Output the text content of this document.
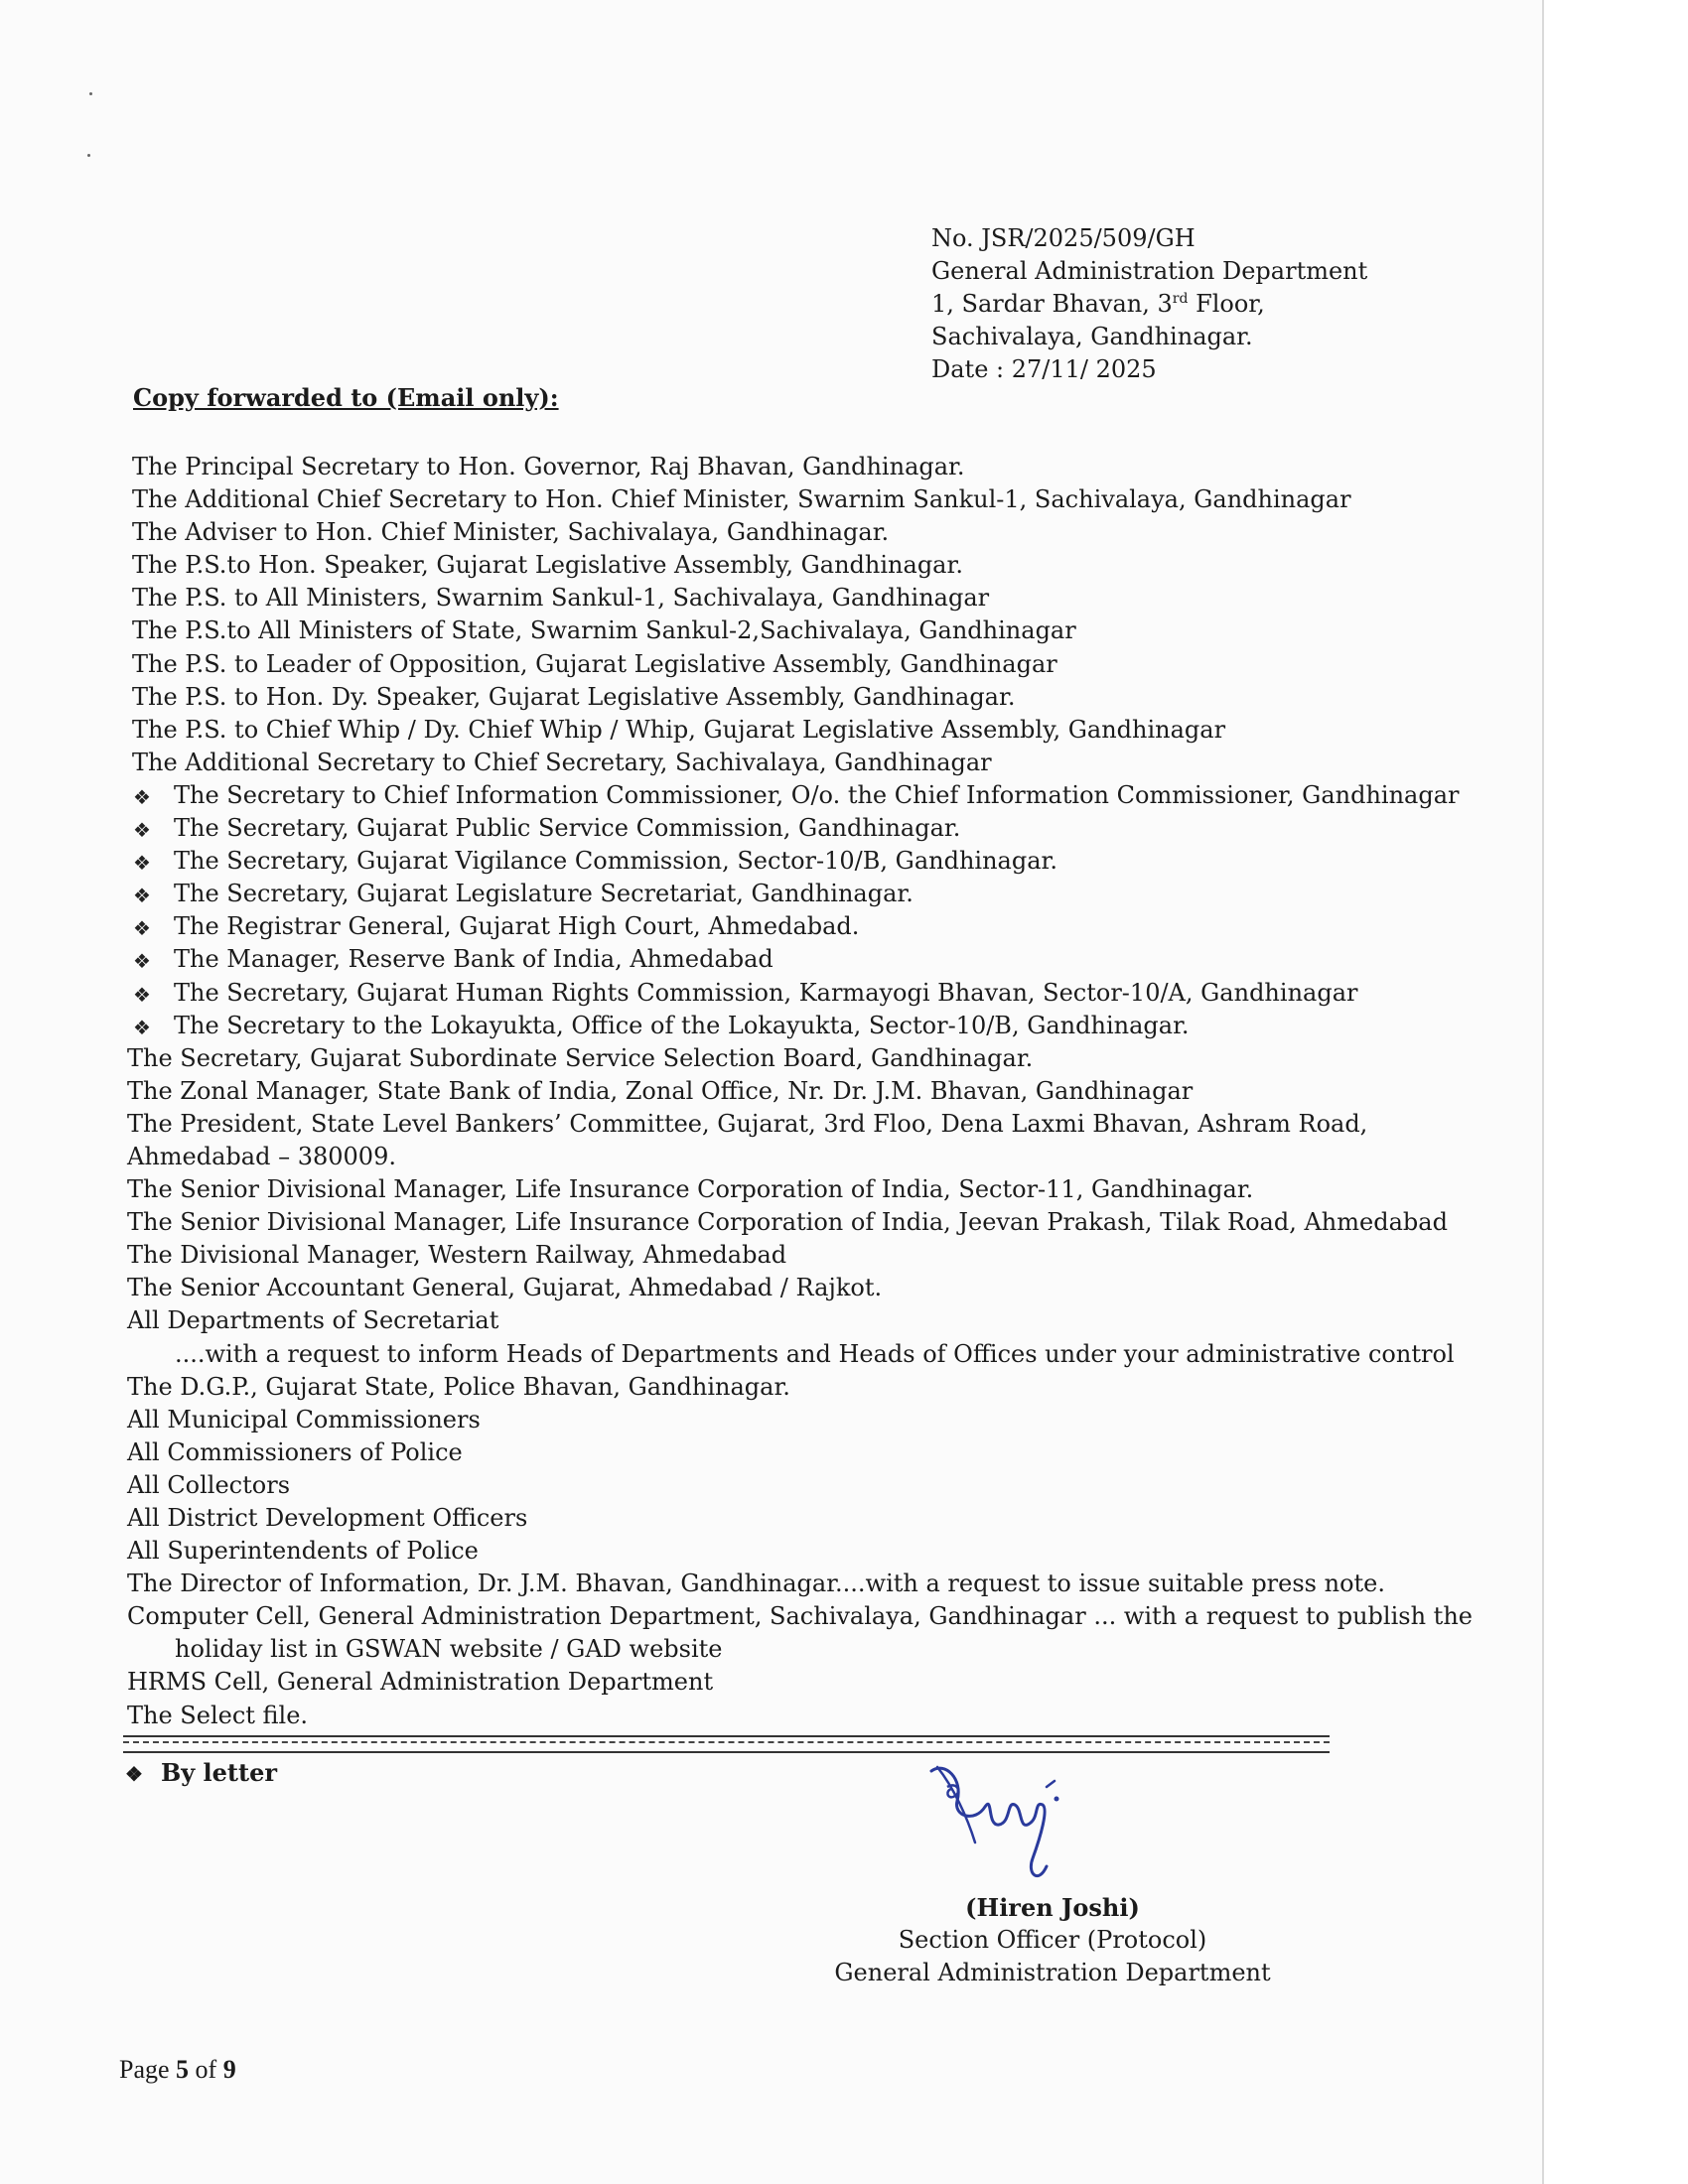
No. JSR/2025/509/GH
General Administration Department
1, Sardar Bhavan, 3rd Floor,
Sachivalaya, Gandhinagar.
Date : 27/11/ 2025
Copy forwarded to (Email only):
The Principal Secretary to Hon. Governor, Raj Bhavan, Gandhinagar.
The Additional Chief Secretary to Hon. Chief Minister, Swarnim Sankul-1, Sachivalaya, Gandhinagar
The Adviser to Hon. Chief Minister, Sachivalaya, Gandhinagar.
The P.S.to Hon. Speaker, Gujarat Legislative Assembly, Gandhinagar.
The P.S. to All Ministers, Swarnim Sankul-1, Sachivalaya, Gandhinagar
The P.S.to All Ministers of State, Swarnim Sankul-2,Sachivalaya, Gandhinagar
The P.S. to Leader of Opposition, Gujarat Legislative Assembly, Gandhinagar
The P.S. to Hon. Dy. Speaker, Gujarat Legislative Assembly, Gandhinagar.
The P.S. to Chief Whip / Dy. Chief Whip / Whip, Gujarat Legislative Assembly, Gandhinagar
The Additional Secretary to Chief Secretary, Sachivalaya, Gandhinagar
❖ The Secretary to Chief Information Commissioner, O/o. the Chief Information Commissioner, Gandhinagar
❖ The Secretary, Gujarat Public Service Commission, Gandhinagar.
❖ The Secretary, Gujarat Vigilance Commission, Sector-10/B, Gandhinagar.
❖ The Secretary, Gujarat Legislature Secretariat, Gandhinagar.
❖ The Registrar General, Gujarat High Court, Ahmedabad.
❖ The Manager, Reserve Bank of India, Ahmedabad
❖ The Secretary, Gujarat Human Rights Commission, Karmayogi Bhavan, Sector-10/A, Gandhinagar
❖ The Secretary to the Lokayukta, Office of the Lokayukta, Sector-10/B, Gandhinagar.
The Secretary, Gujarat Subordinate Service Selection Board, Gandhinagar.
The Zonal Manager, State Bank of India, Zonal Office, Nr. Dr. J.M. Bhavan, Gandhinagar
The President, State Level Bankers’ Committee, Gujarat, 3rd Floo, Dena Laxmi Bhavan, Ashram Road,
Ahmedabad – 380009.
The Senior Divisional Manager, Life Insurance Corporation of India, Sector-11, Gandhinagar.
The Senior Divisional Manager, Life Insurance Corporation of India, Jeevan Prakash, Tilak Road, Ahmedabad
The Divisional Manager, Western Railway, Ahmedabad
The Senior Accountant General, Gujarat, Ahmedabad / Rajkot.
All Departments of Secretariat
....with a request to inform Heads of Departments and Heads of Offices under your administrative control
The D.G.P., Gujarat State, Police Bhavan, Gandhinagar.
All Municipal Commissioners
All Commissioners of Police
All Collectors
All District Development Officers
All Superintendents of Police
The Director of Information, Dr. J.M. Bhavan, Gandhinagar....with a request to issue suitable press note.
Computer Cell, General Administration Department, Sachivalaya, Gandhinagar ... with a request to publish the
holiday list in GSWAN website / GAD website
HRMS Cell, General Administration Department
The Select file.
❖ By letter
(Hiren Joshi)
Section Officer (Protocol)
General Administration Department
Page 5 of 9
